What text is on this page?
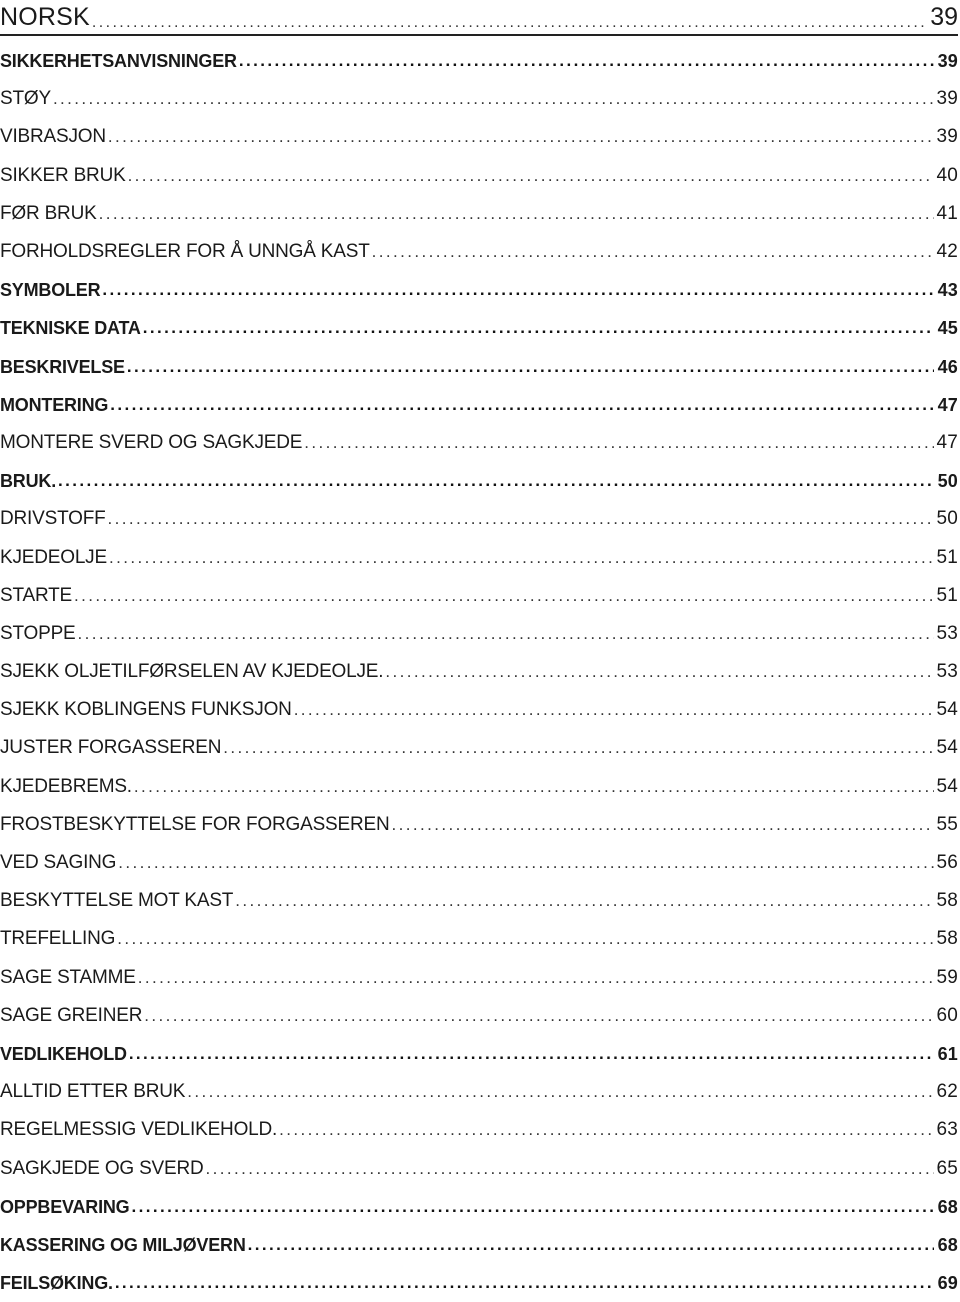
NORSK .....	39
SIKKERHETSANVISNINGER .....	39
STØY .....	39
VIBRASJON .....	39
SIKKER BRUK .....	40
FØR BRUK .....	41
FORHOLDSREGLER FOR Å UNNGÅ KAST .....	42
SYMBOLER .....	43
TEKNISKE DATA .....	45
BESKRIVELSE .....	46
MONTERING .....	47
MONTERE SVERD OG SAGKJEDE .....	47
BRUK. .....	50
DRIVSTOFF .....	50
KJEDEOLJE .....	51
STARTE .....	51
STOPPE .....	53
SJEKK OLJETILFØRSELEN AV KJEDEOLJE. .....	53
SJEKK KOBLINGENS FUNKSJON .....	54
JUSTER FORGASSEREN .....	54
KJEDEBREMS. .....	54
FROSTBESKYTTELSE FOR FORGASSEREN .....	55
VED SAGING .....	56
BESKYTTELSE MOT KAST .....	58
TREFELLING .....	58
SAGE STAMME .....	59
SAGE GREINER .....	60
VEDLIKEHOLD .....	61
ALLTID ETTER BRUK .....	62
REGELMESSIG VEDLIKEHOLD. .....	63
SAGKJEDE OG SVERD .....	65
OPPBEVARING .....	68
KASSERING OG MILJØVERN .....	68
FEILSØKING. .....	69
